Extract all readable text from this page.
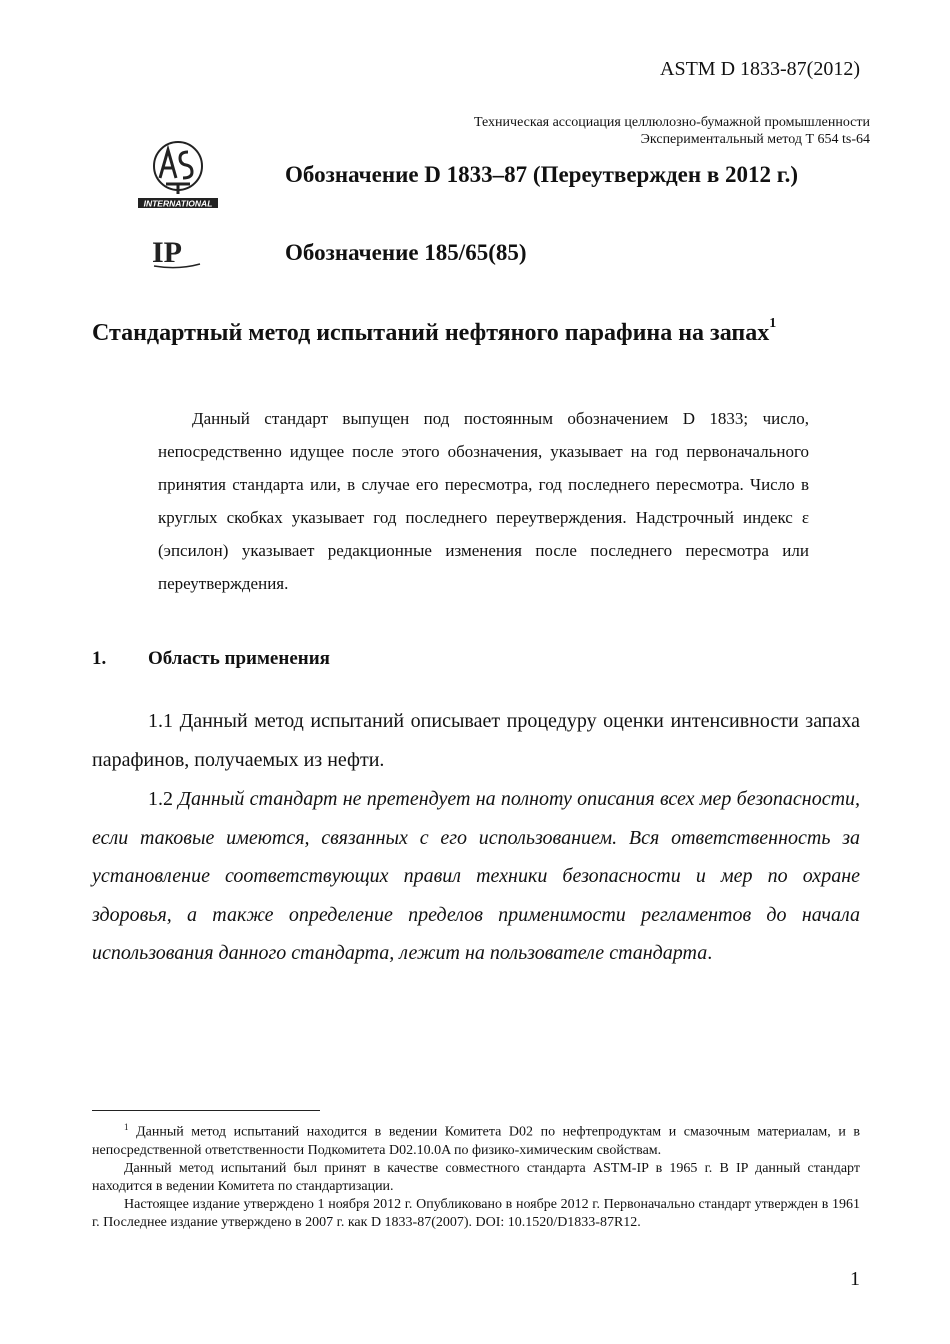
ASTM D 1833-87(2012)
Техническая ассоциация целлюлозно-бумажной промышленности
Экспериментальный метод Т 654 ts-64
INTERNATIONAL
Обозначение D 1833–87 (Переутвержден в 2012 г.)
IP	Обозначение 185/65(85)
Стандартный метод испытаний нефтяного парафина на запах$^1$

Данный стандарт выпущен под постоянным обозначением D 1833; число, непосредственно идущее после этого обозначения, указывает на год первоначального принятия стандарта или, в случае его пересмотра, год последнего пересмотра. Число в круглых скобках указывает год последнего переутверждения. Надстрочный индекс ε (эпсилон) указывает редакционные изменения после последнего пересмотра или переутверждения.

1. Область применения

1.1 Данный метод испытаний описывает процедуру оценки интенсивности запаха парафинов, получаемых из нефти.

1.2 Данный стандарт не претендует на полноту описания всех мер безопасности, если таковые имеются, связанных с его использованием. Вся ответственность за установление соответствующих правил техники безопасности и мер по охране здоровья, а также определение пределов применимости регламентов до начала использования данного стандарта, лежит на пользователе стандарта.

$^1$ Данный метод испытаний находится в ведении Комитета D02 по нефтепродуктам и смазочным материалам, и в непосредственной ответственности Подкомитета D02.10.0A по физико-химическим свойствам.

Данный метод испытаний был принят в качестве совместного стандарта ASTM-IP в 1965 г. В IP данный стандарт находится в ведении Комитета по стандартизации.

Настоящее издание утверждено 1 ноября 2012 г. Опубликовано в ноябре 2012 г. Первоначально стандарт утвержден в 1961 г. Последнее издание утверждено в 2007 г. как D 1833-87(2007). DOI: 10.1520/D1833-87R12.

1
